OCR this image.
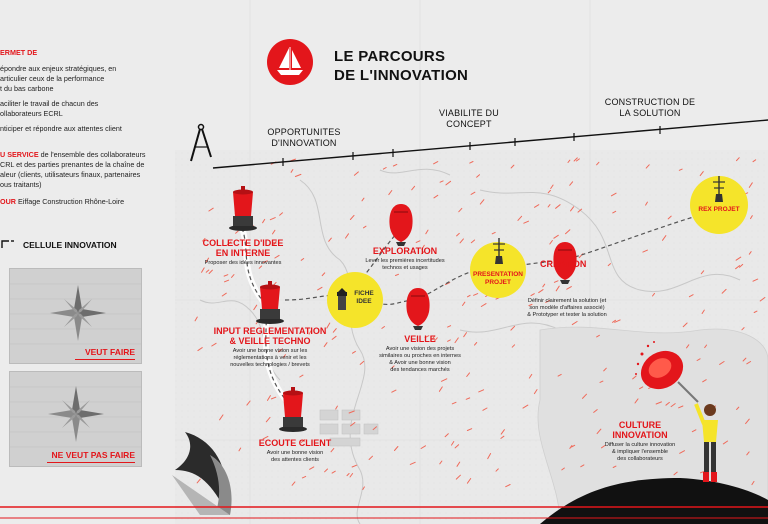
ERMET DE
épondre aux enjeux stratégiques, en
articulier ceux de la performance
t du bas carbone
aciliter le travail de chacun des
ollaborateurs ECRL
nticiper et répondre aux attentes client
U SERVICE de l'ensemble des collaborateurs
CRL et des parties prenantes de la chaîne de
aleur (clients, utilisateurs finaux, partenaires
ous traitants)
OUR Eiffage Construction Rhône-Loire
CELLULE INNOVATION
VEUT FAIRE
NE VEUT PAS FAIRE
LE PARCOURS
DE L'INNOVATION
OPPORTUNITES
D'INNOVATION
VIABILITE DU
CONCEPT
CONSTRUCTION DE
LA SOLUTION
FICHE
IDEE
PRESENTATION
PROJET
REX PROJET
COLLECTE D'IDEE
EN INTERNE
Proposer des idées innovantes
INPUT REGLEMENTATION
& VEILLE TECHNO
Avoir une bonne vision sur les
réglementations à venir et les
nouvelles technologies / brevets
ECOUTE CLIENT
Avoir une bonne vision
des attentes clients
EXPLORATION
Lever les premières incertitudes
technos et usages
VEILLE
Avoir une vision des projets
similaires ou proches en internes
& Avoir une bonne vision
des tendances marchés
CREATION
Définir clairement la solution (et
son modèle d'affaires associé)
& Prototyper et tester la solution
CULTURE
INNOVATION
Diffuser la culture innovation
& impliquer l'ensemble
des collaborateurs
